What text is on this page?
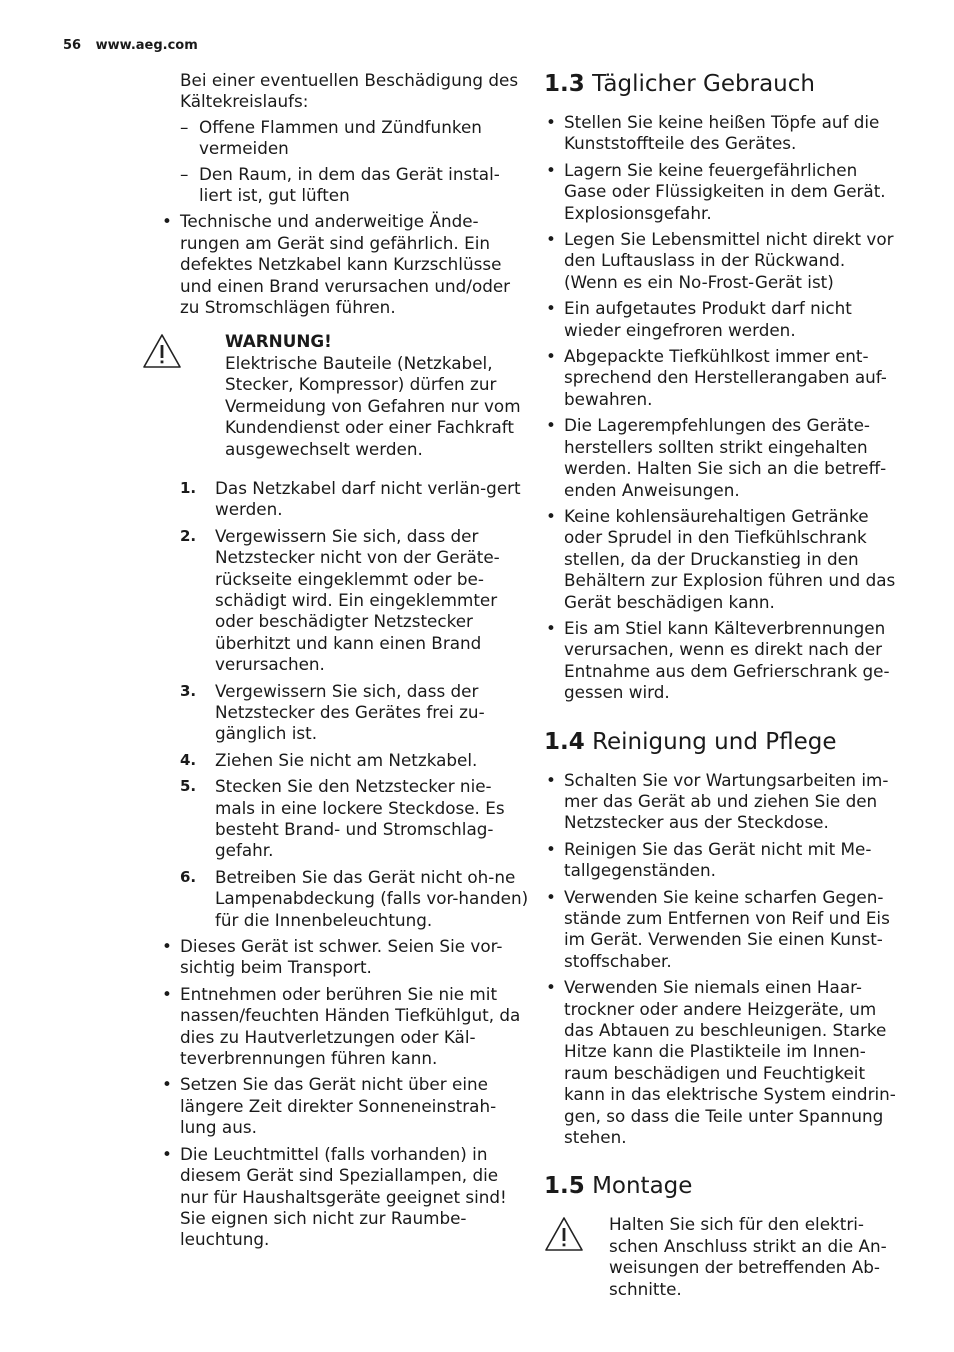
56 www.aeg.com

Bei einer eventuellen Beschädigung des Kältekreislaufs:

– Offene Flammen und Zündfunken vermeiden
– Den Raum, in dem das Gerät instal-liert ist, gut lüften
• Technische und anderweitige Ände-rungen am Gerät sind gefährlich. Ein defektes Netzkabel kann Kurzschlüsse und einen Brand verursachen und/oder zu Stromschlägen führen.
WARNUNG!
Elektrische Bauteile (Netzkabel, Stecker, Kompressor) dürfen zur Vermeidung von Gefahren nur vom Kundendienst oder einer Fachkraft ausgewechselt werden.
1. Das Netzkabel darf nicht verlän-gert werden.
2. Vergewissern Sie sich, dass der Netzstecker nicht von der Geräte-rückseite eingeklemmt oder be-schädigt wird. Ein eingeklemmter oder beschädigter Netzstecker überhitzt und kann einen Brand verursachen.
3. Vergewissern Sie sich, dass der Netzstecker des Gerätes frei zu-gänglich ist.
4. Ziehen Sie nicht am Netzkabel.
5. Stecken Sie den Netzstecker nie-mals in eine lockere Steckdose. Es besteht Brand- und Stromschlag-gefahr.
6. Betreiben Sie das Gerät nicht oh-ne Lampenabdeckung (falls vor-handen) für die Innenbeleuchtung.
• Dieses Gerät ist schwer. Seien Sie vor-sichtig beim Transport.
• Entnehmen oder berühren Sie nie mit nassen/feuchten Händen Tiefkühlgut, da dies zu Hautverletzungen oder Käl-teverbrennungen führen kann.
• Setzen Sie das Gerät nicht über eine längere Zeit direkter Sonneneinstrah-lung aus.
• Die Leuchtmittel (falls vorhanden) in diesem Gerät sind Speziallampen, die nur für Haushaltsgeräte geeignet sind! Sie eignen sich nicht zur Raumbe-leuchtung.
1.3 Täglicher Gebrauch
• Stellen Sie keine heißen Töpfe auf die Kunststoffteile des Gerätes.
• Lagern Sie keine feuergefährlichen Gase oder Flüssigkeiten in dem Gerät. Explosionsgefahr.
• Legen Sie Lebensmittel nicht direkt vor den Luftauslass in der Rückwand. (Wenn es ein No-Frost-Gerät ist)
• Ein aufgetautes Produkt darf nicht wieder eingefroren werden.
• Abgepackte Tiefkühlkost immer ent-sprechend den Herstellerangaben auf-bewahren.
• Die Lagerempfehlungen des Geräte-herstellers sollten strikt eingehalten werden. Halten Sie sich an die betreff-enden Anweisungen.
• Keine kohlensäurehaltigen Getränke oder Sprudel in den Tiefkühlschrank stellen, da der Druckanstieg in den Behältern zur Explosion führen und das Gerät beschädigen kann.
• Eis am Stiel kann Kälteverbrennungen verursachen, wenn es direkt nach der Entnahme aus dem Gefrierschrank ge-gessen wird.
1.4 Reinigung und Pflege
• Schalten Sie vor Wartungsarbeiten im-mer das Gerät ab und ziehen Sie den Netzstecker aus der Steckdose.
• Reinigen Sie das Gerät nicht mit Me-tallgegenständen.
• Verwenden Sie keine scharfen Gegen-stände zum Entfernen von Reif und Eis im Gerät. Verwenden Sie einen Kunst-stoffschaber.
• Verwenden Sie niemals einen Haar-trockner oder andere Heizgeräte, um das Abtauen zu beschleunigen. Starke Hitze kann die Plastikteile im Innen-raum beschädigen und Feuchtigkeit kann in das elektrische System eindrin-gen, so dass die Teile unter Spannung stehen.
1.5 Montage
Halten Sie sich für den elektri-schen Anschluss strikt an die An-weisungen der betreffenden Ab-schnitte.
